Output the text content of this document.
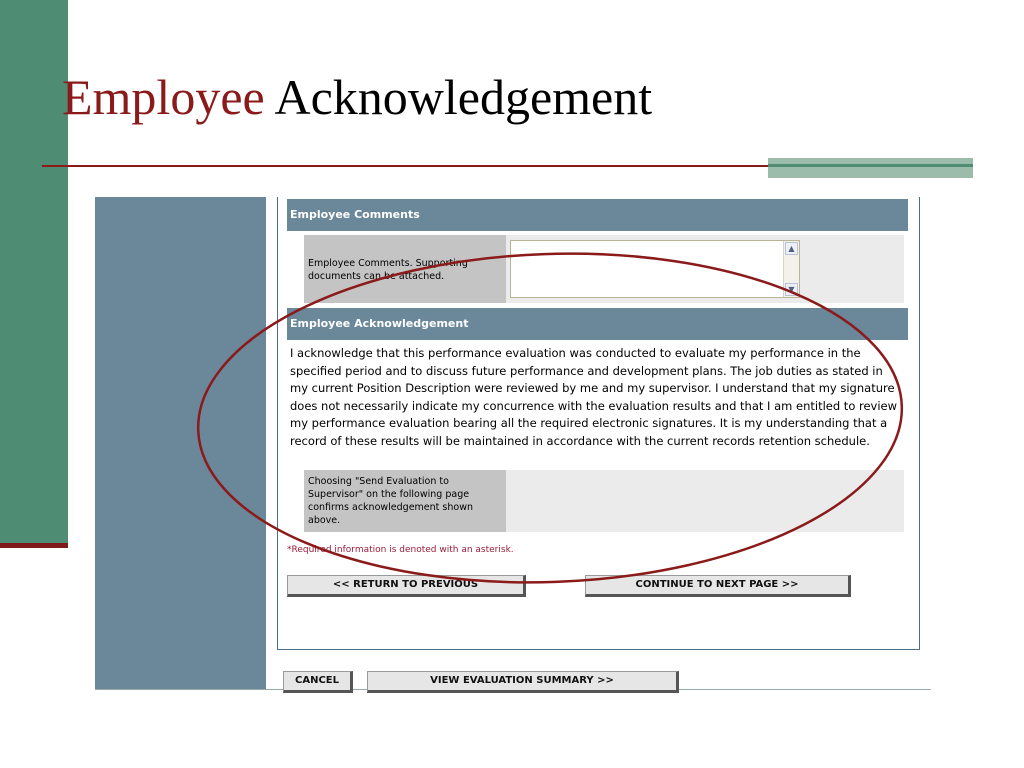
Employee Acknowledgement
Employee Comments
Employee Comments. Supporting documents can be attached.
▲
▼
Employee Acknowledgement

I acknowledge that this performance evaluation was conducted to evaluate my performance in the specified period and to discuss future performance and development plans. The job duties as stated in my current Position Description were reviewed by me and my supervisor. I understand that my signature does not necessarily indicate my concurrence with the evaluation results and that I am entitled to review my performance evaluation bearing all the required electronic signatures. It is my understanding that a record of these results will be maintained in accordance with the current records retention schedule.

Choosing "Send Evaluation to Supervisor" on the following page confirms acknowledgement shown above.
*Required information is denoted with an asterisk.
<< RETURN TO PREVIOUS	CONTINUE TO NEXT PAGE >>
CANCEL	VIEW EVALUATION SUMMARY >>
